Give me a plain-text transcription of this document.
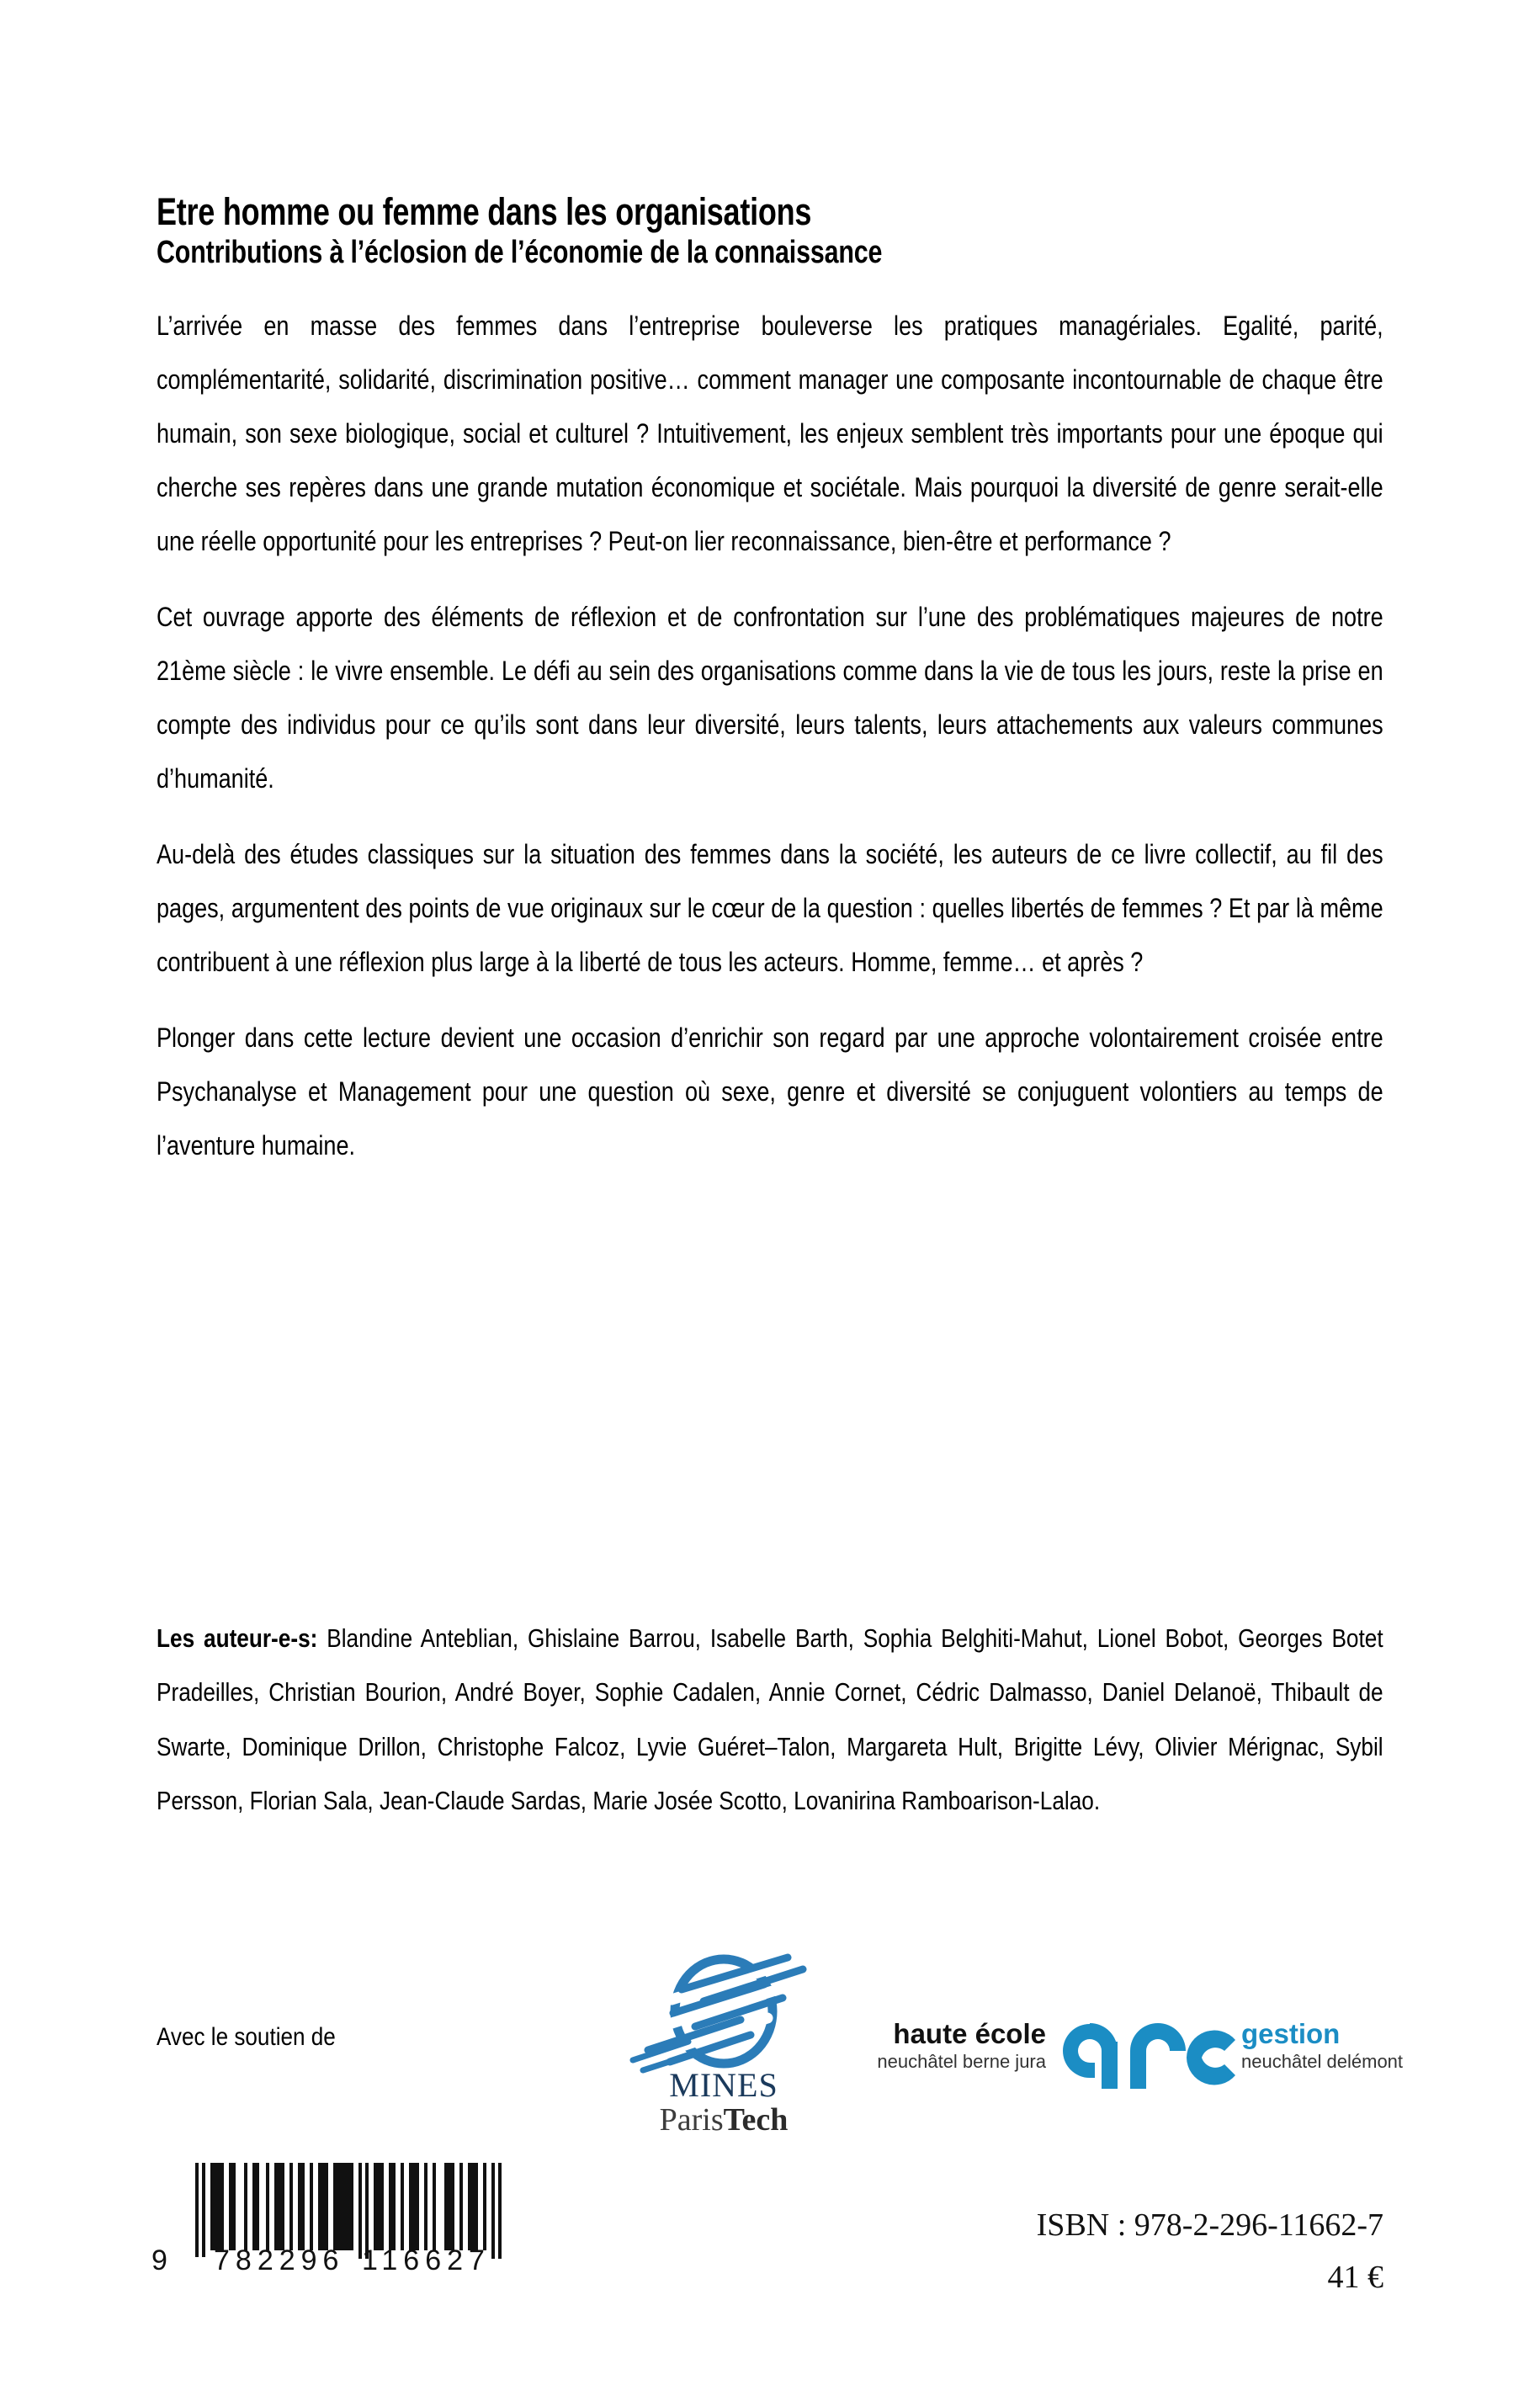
Etre homme ou femme dans les organisations
Contributions à l’éclosion de l’économie de la connaissance

L’arrivée en masse des femmes dans l’entreprise bouleverse les pratiques managériales. Egalité, parité, complémentarité, solidarité, discrimination positive… comment manager une composante incontournable de chaque être humain, son sexe biologique, social et culturel ? Intuitivement, les enjeux semblent très importants pour une époque qui cherche ses repères dans une grande mutation économique et sociétale. Mais pourquoi la diversité de genre serait-elle une réelle opportunité pour les entreprises ? Peut-on lier reconnaissance, bien-être et performance ?

Cet ouvrage apporte des éléments de réflexion et de confrontation sur l’une des problématiques majeures de notre 21ème siècle : le vivre ensemble. Le défi au sein des organisations comme dans la vie de tous les jours, reste la prise en compte des individus pour ce qu’ils sont dans leur diversité, leurs talents, leurs attachements aux valeurs communes d’humanité.

Au-delà des études classiques sur la situation des femmes dans la société, les auteurs de ce livre collectif, au fil des pages, argumentent des points de vue originaux sur le cœur de la question : quelles libertés de femmes ? Et par là même contribuent à une réflexion plus large à la liberté de tous les acteurs. Homme, femme… et après ?

Plonger dans cette lecture devient une occasion d’enrichir son regard par une approche volontairement croisée entre Psychanalyse et Management pour une question où sexe, genre et diversité se conjuguent volontiers au temps de l’aventure humaine.

Les auteur-e-s: Blandine Anteblian, Ghislaine Barrou, Isabelle Barth, Sophia Belghiti-Mahut, Lionel Bobot, Georges Botet Pradeilles, Christian Bourion, André Boyer, Sophie Cadalen, Annie Cornet, Cédric Dalmasso, Daniel Delanoë, Thibault de Swarte, Dominique Drillon, Christophe Falcoz, Lyvie Guéret–Talon, Margareta Hult, Brigitte Lévy, Olivier Mérignac, Sybil Persson, Florian Sala, Jean-Claude Sardas, Marie Josée Scotto, Lovanirina Ramboarison-Lalao.
Avec le soutien de
MINES
ParisTech
haute école
neuchâtel berne jura
gestion
neuchâtel delémont
9 782296 116627
ISBN : 978-2-296-11662-7
41 €
